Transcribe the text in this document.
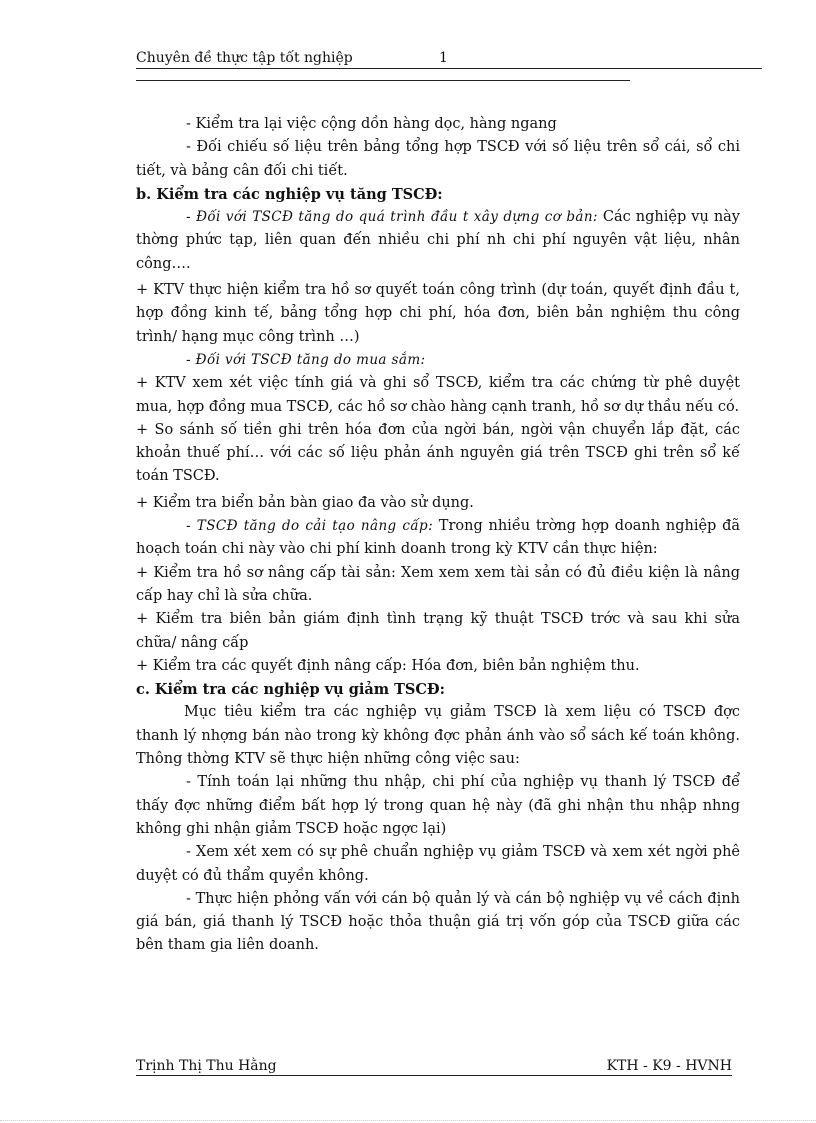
Chuyên đề thực tập tốt nghiệp	1

- Kiểm tra lại việc cộng dồn hàng dọc, hàng ngang

- Đối chiếu số liệu trên bảng tổng hợp TSCĐ với số liệu trên sổ cái, sổ chi tiết, và bảng cân đối chi tiết.

b. Kiểm tra các nghiệp vụ tăng TSCĐ:

- Đối với TSCĐ tăng do quá trình đầu t xây dựng cơ bản: Các nghiệp vụ này thờng phức tạp, liên quan đến nhiều chi phí nh chi phí nguyên vật liệu, nhân công….

+ KTV thực hiện kiểm tra hồ sơ quyết toán công trình (dự toán, quyết định đầu t, hợp đồng kinh tế, bảng tổng hợp chi phí, hóa đơn, biên bản nghiệm thu công trình/ hạng mục công trình …)

- Đối với TSCĐ tăng do mua sắm:

+ KTV xem xét việc tính giá và ghi sổ TSCĐ, kiểm tra các chứng từ phê duyệt mua, hợp đồng mua TSCĐ, các hồ sơ chào hàng cạnh tranh, hồ sơ dự thầu nếu có.

+ So sánh số tiền ghi trên hóa đơn của ngời bán, ngời vận chuyển lắp đặt, các khoản thuế phí… với các số liệu phản ánh nguyên giá trên TSCĐ ghi trên sổ kế toán TSCĐ.

+ Kiểm tra biển bản bàn giao đa vào sử dụng.

- TSCĐ tăng do cải tạo nâng cấp: Trong nhiều trờng hợp doanh nghiệp đã hoạch toán chi này vào chi phí kinh doanh trong kỳ KTV cần thực hiện:

+ Kiểm tra hồ sơ nâng cấp tài sản: Xem xem xem tài sản có đủ điều kiện là nâng cấp hay chỉ là sửa chữa.

+ Kiểm tra biên bản giám định tình trạng kỹ thuật TSCĐ trớc và sau khi sửa chữa/ nâng cấp

+ Kiểm tra các quyết định nâng cấp: Hóa đơn, biên bản nghiệm thu.

c. Kiểm tra các nghiệp vụ giảm TSCĐ:

Mục tiêu kiểm tra các nghiệp vụ giảm TSCĐ là xem liệu có TSCĐ đợc thanh lý nhợng bán nào trong kỳ không đợc phản ánh vào sổ sách kế toán không. Thông thờng KTV sẽ thực hiện những công việc sau:

- Tính toán lại những thu nhập, chi phí của nghiệp vụ thanh lý TSCĐ để thấy đợc những điểm bất hợp lý trong quan hệ này (đã ghi nhận thu nhập nhng không ghi nhận giảm TSCĐ hoặc ngợc lại)

- Xem xét xem có sự phê chuẩn nghiệp vụ giảm TSCĐ và xem xét ngời phê duyệt có đủ thẩm quyền không.

- Thực hiện phỏng vấn với cán bộ quản lý và cán bộ nghiệp vụ về cách định giá bán, giá thanh lý TSCĐ hoặc thỏa thuận giá trị vốn góp của TSCĐ giữa các bên tham gia liên doanh.

Trịnh Thị Thu Hằng	KTH - K9 - HVNH
